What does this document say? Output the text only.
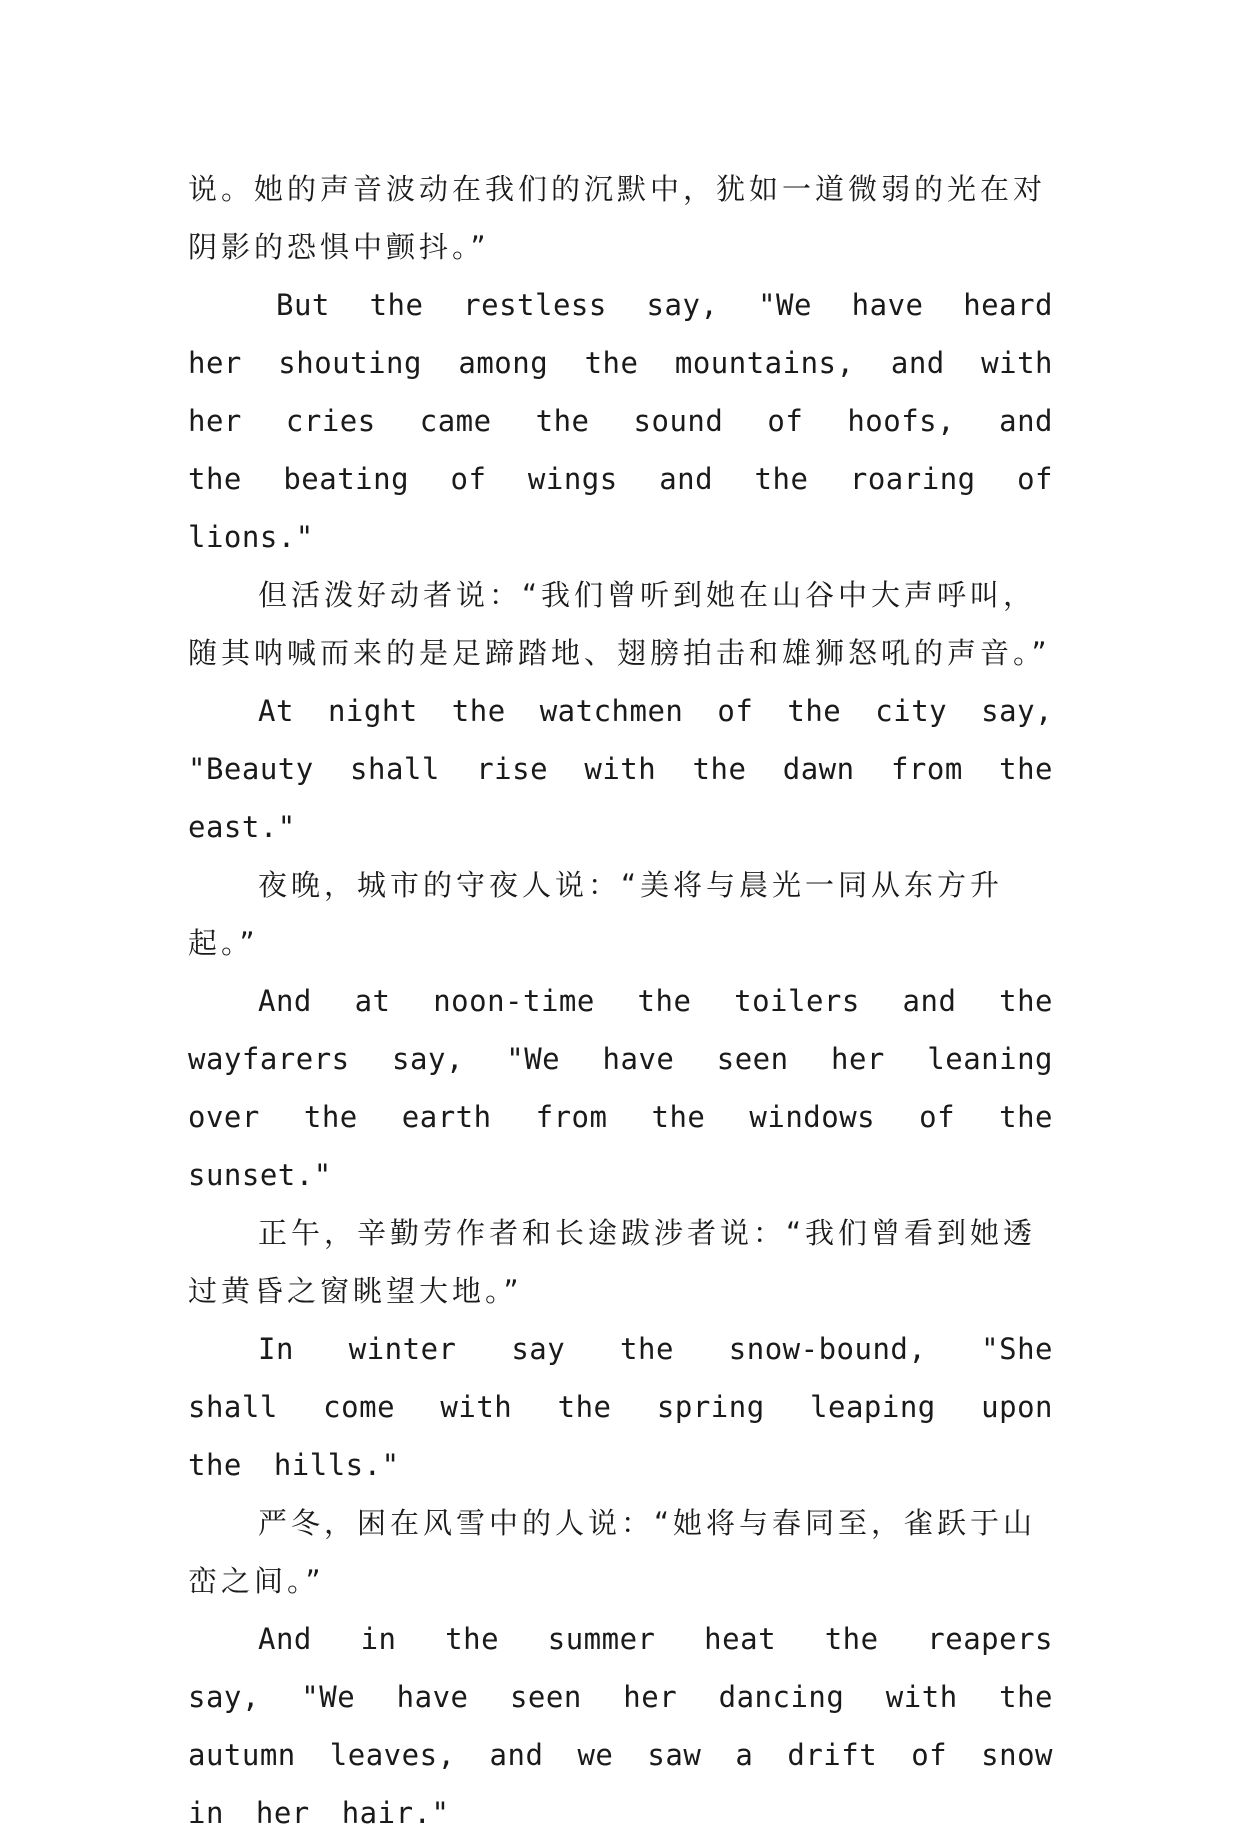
说。她的声音波动在我们的沉默中，犹如一道微弱的光在对阴影的恐惧中颤抖。”

But the restless say, "We have heard her shouting among the mountains, and with her cries came the sound of hoofs, and the beating of wings and the roaring of lions."

但活泼好动者说：“我们曾听到她在山谷中大声呼叫，随其呐喊而来的是足蹄踏地、翅膀拍击和雄狮怒吼的声音。”

At night the watchmen of the city say, "Beauty shall rise with the dawn from the east."

夜晚，城市的守夜人说：“美将与晨光一同从东方升起。”

And at noon-time the toilers and the wayfarers say, "We have seen her leaning over the earth from the windows of the sunset."

正午，辛勤劳作者和长途跋涉者说：“我们曾看到她透过黄昏之窗眺望大地。”

In winter say the snow-bound, "She shall come with the spring leaping upon the hills."

严冬，困在风雪中的人说：“她将与春同至，雀跃于山峦之间。”

And in the summer heat the reapers say, "We have seen her dancing with the autumn leaves, and we saw a drift of snow in her hair."
